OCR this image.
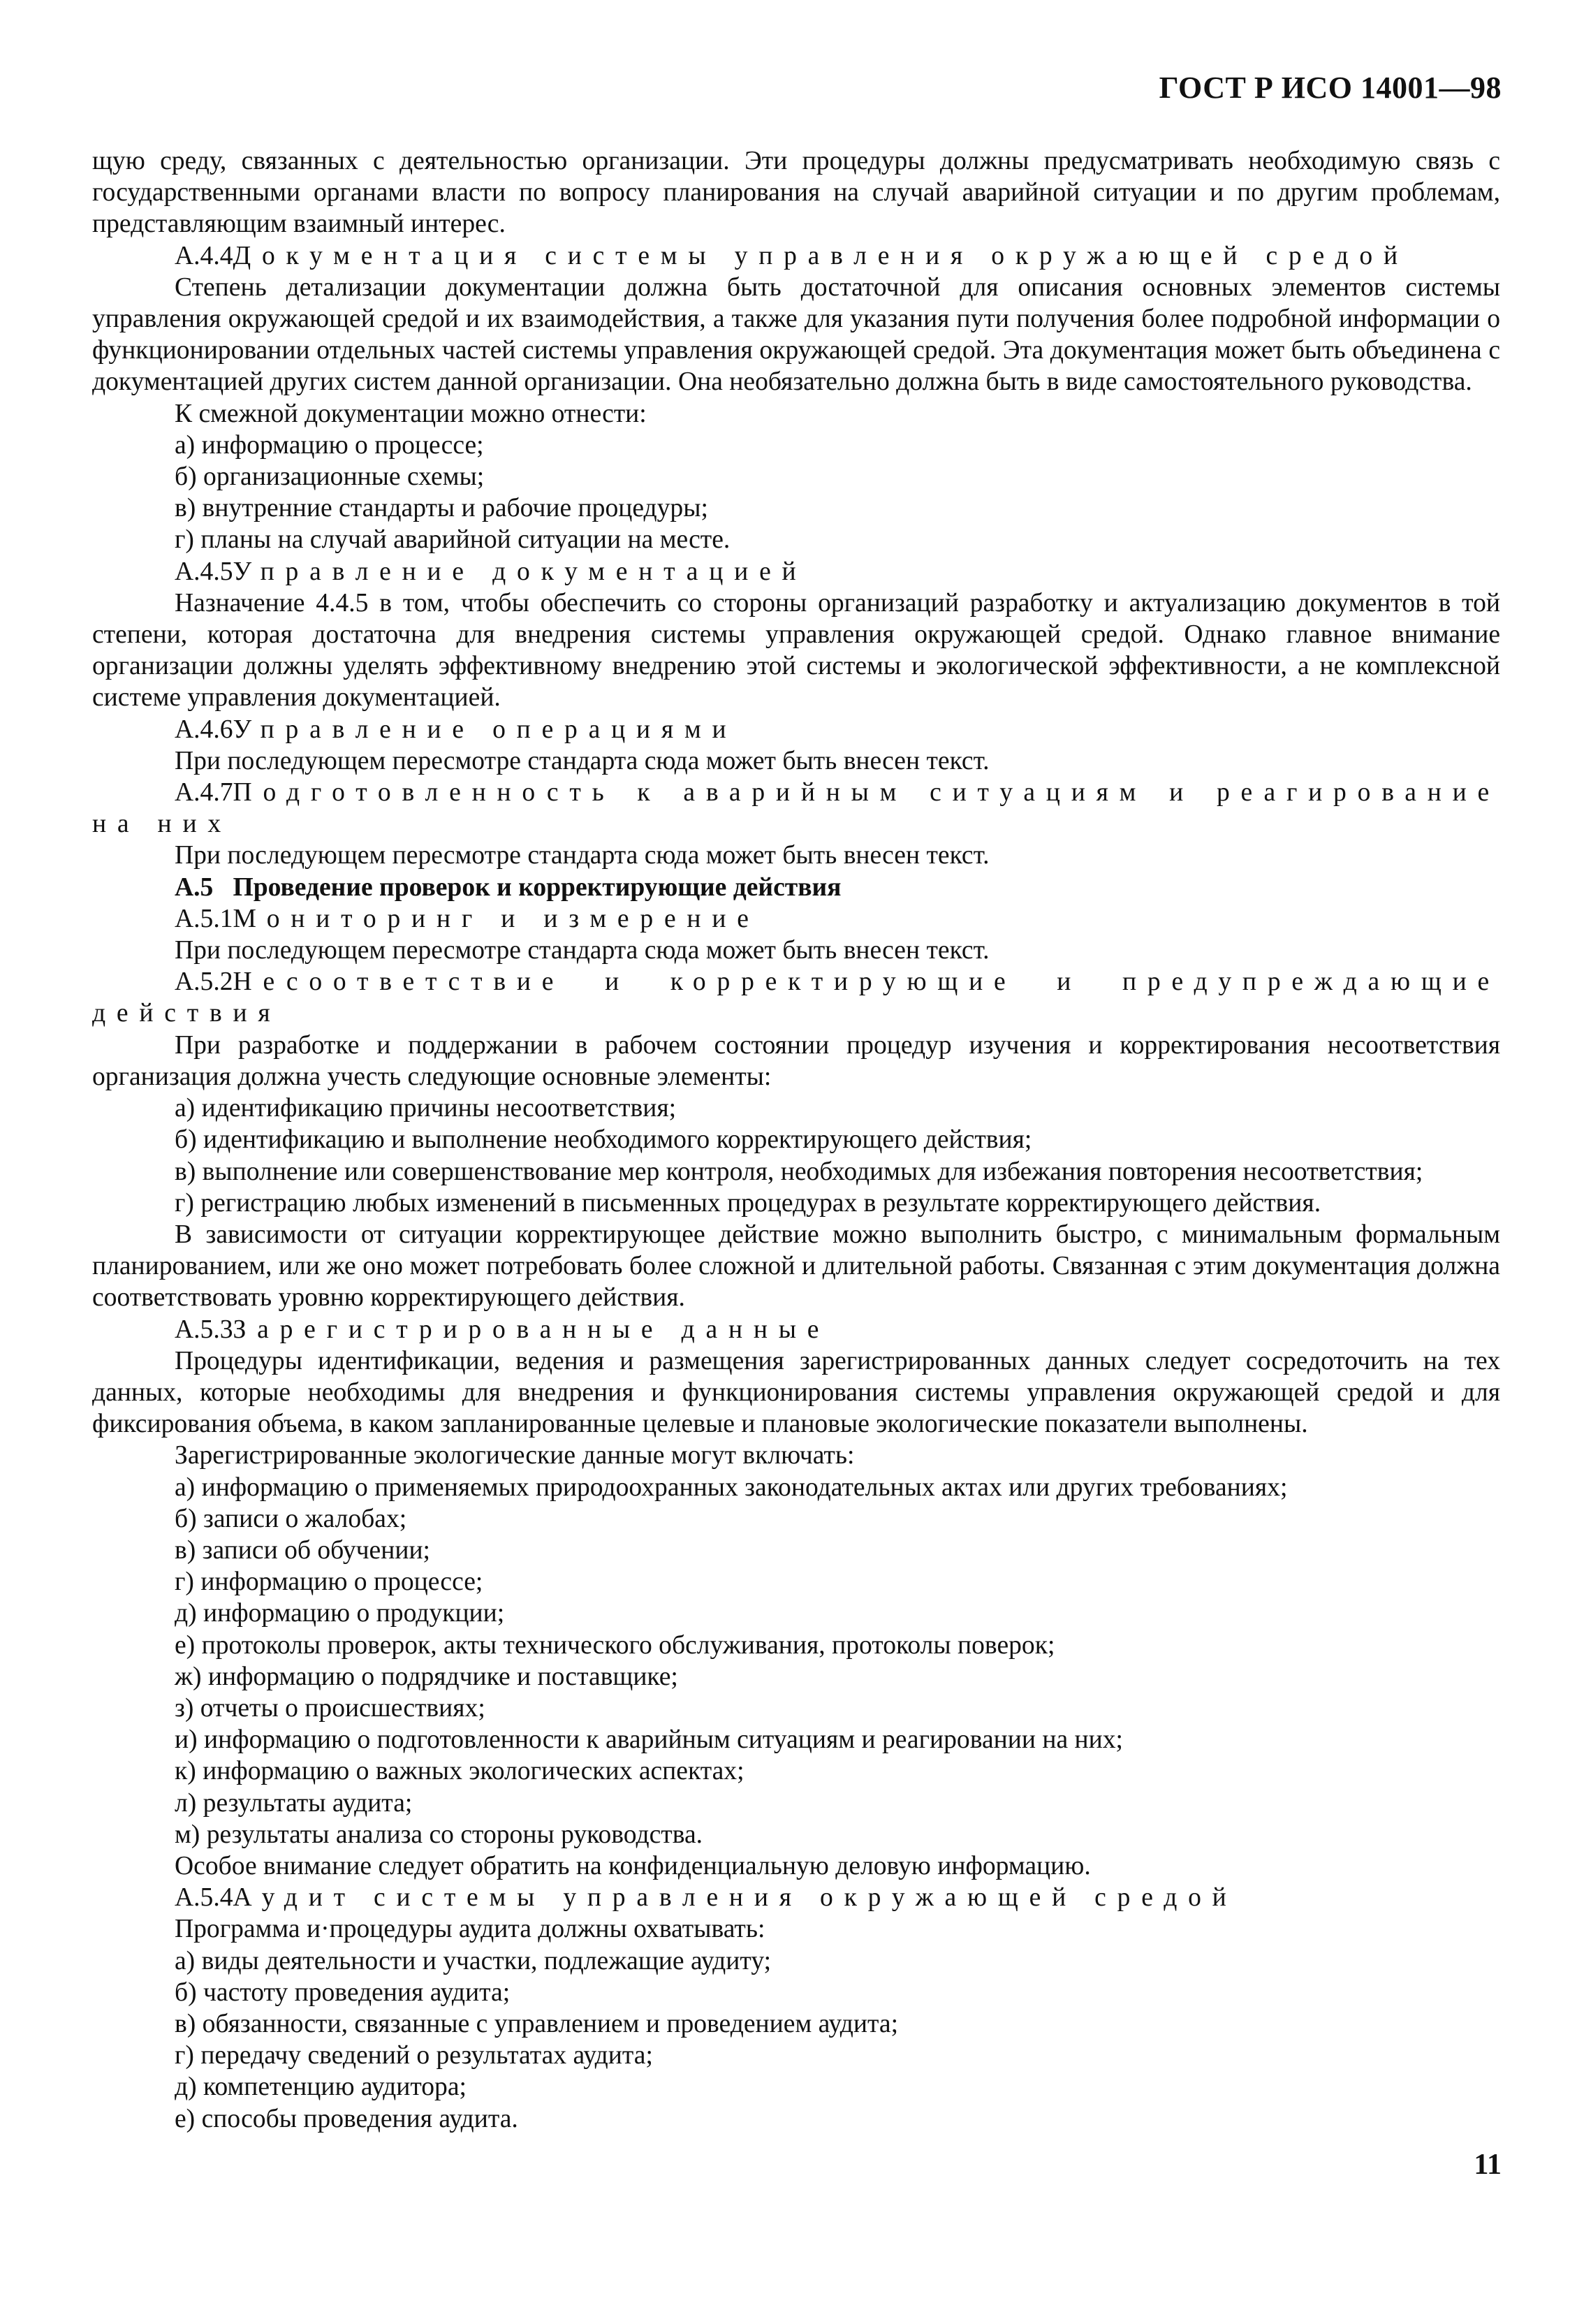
ГОСТ Р ИСО 14001—98

щую среду, связанных с деятельностью организации. Эти процедуры должны предусматривать необходимую связь с государственными органами власти по вопросу планирования на случай аварийной ситуации и по другим проблемам, представляющим взаимный интерес.

А.4.4Документация системы управления окружающей средой

Степень детализации документации должна быть достаточной для описания основных элементов системы управления окружающей средой и их взаимодействия, а также для указания пути получения более подробной информации о функционировании отдельных частей системы управления окружающей средой. Эта документация может быть объединена с документацией других систем данной организации. Она необязательно должна быть в виде самостоятельного руководства.

К смежной документации можно отнести:

а) информацию о процессе;

б) организационные схемы;

в) внутренние стандарты и рабочие процедуры;

г) планы на случай аварийной ситуации на месте.

А.4.5Управление документацией

Назначение 4.4.5 в том, чтобы обеспечить со стороны организаций разработку и актуализацию документов в той степени, которая достаточна для внедрения системы управления окружающей средой. Однако главное внимание организации должны уделять эффективному внедрению этой системы и экологической эффективности, а не комплексной системе управления документацией.

А.4.6Управление операциями

При последующем пересмотре стандарта сюда может быть внесен текст.

А.4.7Подготовленность к аварийным ситуациям и реагирование на них

При последующем пересмотре стандарта сюда может быть внесен текст.

А.5 Проведение проверок и корректирующие действия

А.5.1Мониторинг и измерение

При последующем пересмотре стандарта сюда может быть внесен текст.

А.5.2Несоответствие и корректирующие и предупреждающие действия

При разработке и поддержании в рабочем состоянии процедур изучения и корректирования несоответствия организация должна учесть следующие основные элементы:

а) идентификацию причины несоответствия;

б) идентификацию и выполнение необходимого корректирующего действия;

в) выполнение или совершенствование мер контроля, необходимых для избежания повторения несоответствия;

г) регистрацию любых изменений в письменных процедурах в результате корректирующего действия.

В зависимости от ситуации корректирующее действие можно выполнить быстро, с минимальным формальным планированием, или же оно может потребовать более сложной и длительной работы. Связанная с этим документация должна соответствовать уровню корректирующего действия.

А.5.3Зарегистрированные данные

Процедуры идентификации, ведения и размещения зарегистрированных данных следует сосредоточить на тех данных, которые необходимы для внедрения и функционирования системы управления окружающей средой и для фиксирования объема, в каком запланированные целевые и плановые экологические показатели выполнены.

Зарегистрированные экологические данные могут включать:

а) информацию о применяемых природоохранных законодательных актах или других требованиях;

б) записи о жалобах;

в) записи об обучении;

г) информацию о процессе;

д) информацию о продукции;

е) протоколы проверок, акты технического обслуживания, протоколы поверок;

ж) информацию о подрядчике и поставщике;

з) отчеты о происшествиях;

и) информацию о подготовленности к аварийным ситуациям и реагировании на них;

к) информацию о важных экологических аспектах;

л) результаты аудита;

м) результаты анализа со стороны руководства.

Особое внимание следует обратить на конфиденциальную деловую информацию.

А.5.4Аудит системы управления окружающей средой

Программа и·процедуры аудита должны охватывать:

а) виды деятельности и участки, подлежащие аудиту;

б) частоту проведения аудита;

в) обязанности, связанные с управлением и проведением аудита;

г) передачу сведений о результатах аудита;

д) компетенцию аудитора;

е) способы проведения аудита.

11
